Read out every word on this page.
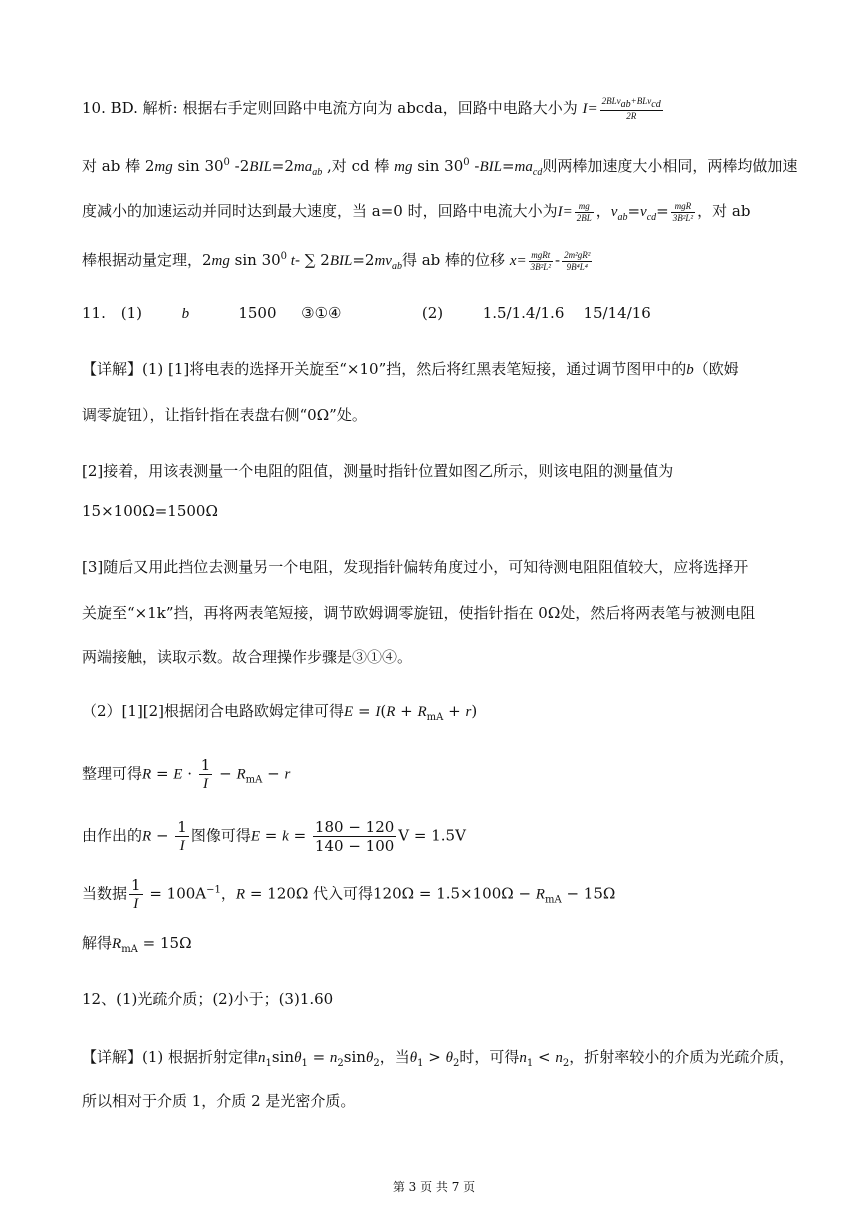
10. BD. 解析: 根据右手定则回路中电流方向为 abcda，回路中电路大小为 $I= \frac{2BLv_{ab}+BLv_{cd}}{2R}$
对 ab 棒 2mg $\sin 30^0$ $-2BIL=2ma_{ab}$ ,对 cd 棒 mg $\sin 30^0$ $-BIL=ma_{cd}$则两棒加速度大小相同，两棒均做加速
度减小的加速运动并同时达到最大速度，当 a=0 时，回路中电流大小为$I= \frac{mg}{2BL}$ ，$v_{ab}=v_{cd}= \frac{\text{mgR}}{\text{3B²L²}}$ ，对 ab
棒根据动量定理，2mg $\sin 30^0$ t- ∑ $2BIL=2mv_{ab}$得 ab 棒的位移 $x= \frac{\text{mgRt}}{\text{3B²L²}} - \frac{\text{2m²gR²}}{\text{9B⁴L⁴}}$
11. (1)	b	1500 ③①④	(2)	1.5/1.4/1.6 15/14/16
【详解】(1) [1]将电表的选择开关旋至“×10”挡，然后将红黑表笔短接，通过调节图甲中的b（欧姆
调零旋钮），让指针指在表盘右侧“0Ω”处。
[2]接着，用该表测量一个电阻的阻值，测量时指针位置如图乙所示，则该电阻的测量值为
15×100Ω=1500Ω
[3]随后又用此挡位去测量另一个电阻，发现指针偏转角度过小，可知待测电阻阻值较大，应将选择开
关旋至“×1k”挡，再将两表笔短接，调节欧姆调零旋钮，使指针指在 0Ω处，然后将两表笔与被测电阻
两端接触，读取示数。故合理操作步骤是③①④。
（2）[1][2]根据闭合电路欧姆定律可得$E = I(R + R_{mA} + r)$
整理可得$R = E \cdot \frac{1}{I} - R_{mA} - r$
由作出的$R - \frac{1}{I}$ 图像可得$E = k = \frac{180 - 120}{140 - 100}$ V = 1.5V
当数据 $\frac{1}{I} = 100A^{-1}$，R = 120Ω 代入可得$120\Omega = 1.5\times 100\Omega - R_{mA} - 15\Omega$
解得$R_{mA} = 15\Omega$
12、(1)光疏介质；(2)小于；(3)1.60
【详解】(1) 根据折射定律$n_1\sin\theta_1 = n_2\sin\theta_2$，当$\theta_1 > \theta_2$时，可得$n_1 < n_2$，折射率较小的介质为光疏介质，
所以相对于介质 1，介质 2 是光密介质。
第 3 页 共 7 页
